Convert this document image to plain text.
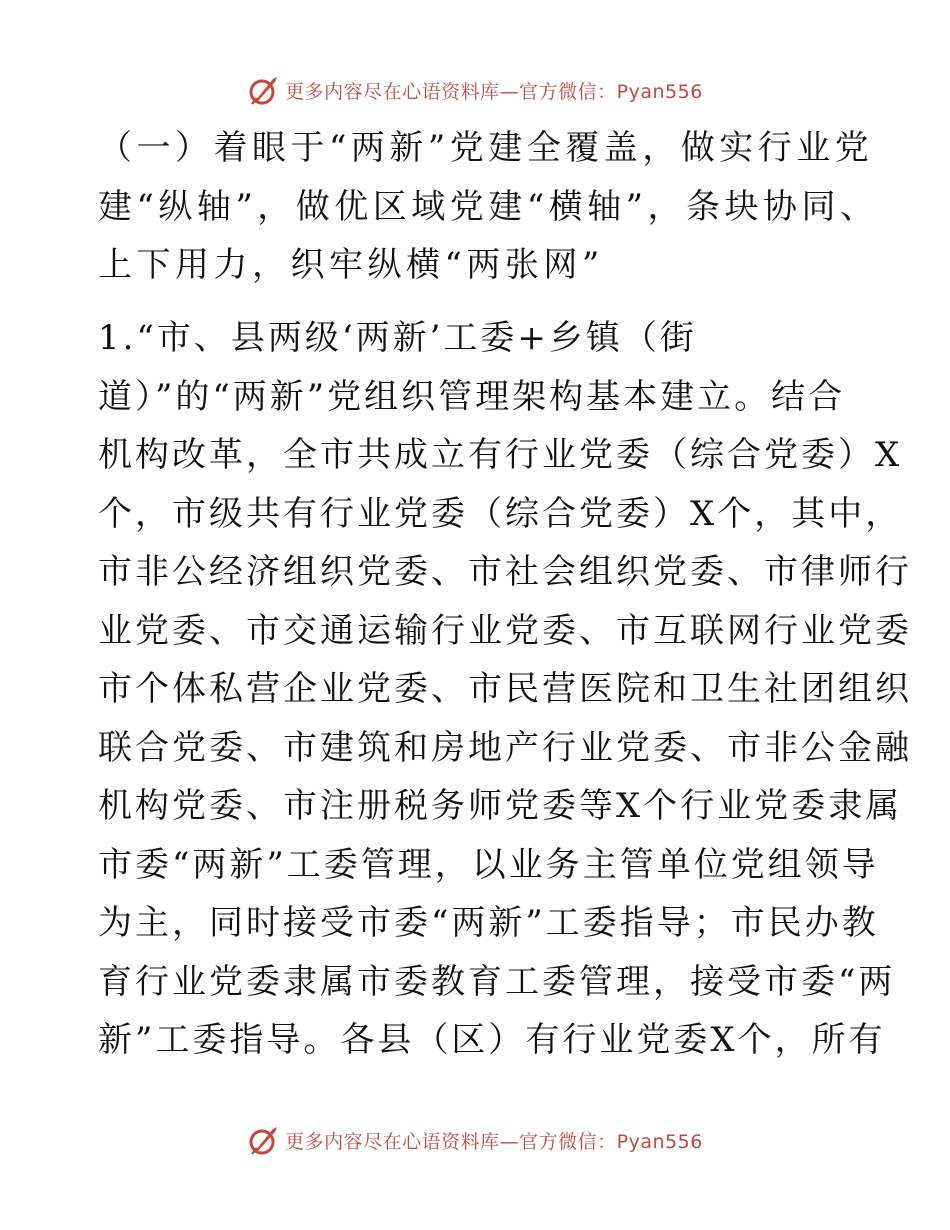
更多内容尽在心语资料库—官方微信：Pyan556
（一）着眼于“两新”党建全覆盖，做实行业党
建“纵轴”，做优区域党建“横轴”，条块协同、
上下用力，织牢纵横“两张网”
1.“市、县两级‘两新’工委+乡镇（街
道）”的“两新”党组织管理架构基本建立。结合
机构改革，全市共成立有行业党委（综合党委）X
个，市级共有行业党委（综合党委）X个，其中，
市非公经济组织党委、市社会组织党委、市律师行
业党委、市交通运输行业党委、市互联网行业党委
市个体私营企业党委、市民营医院和卫生社团组织
联合党委、市建筑和房地产行业党委、市非公金融
机构党委、市注册税务师党委等X个行业党委隶属
市委“两新”工委管理，以业务主管单位党组领导
为主，同时接受市委“两新”工委指导；市民办教
育行业党委隶属市委教育工委管理，接受市委“两
新”工委指导。各县（区）有行业党委X个，所有
更多内容尽在心语资料库—官方微信：Pyan556
